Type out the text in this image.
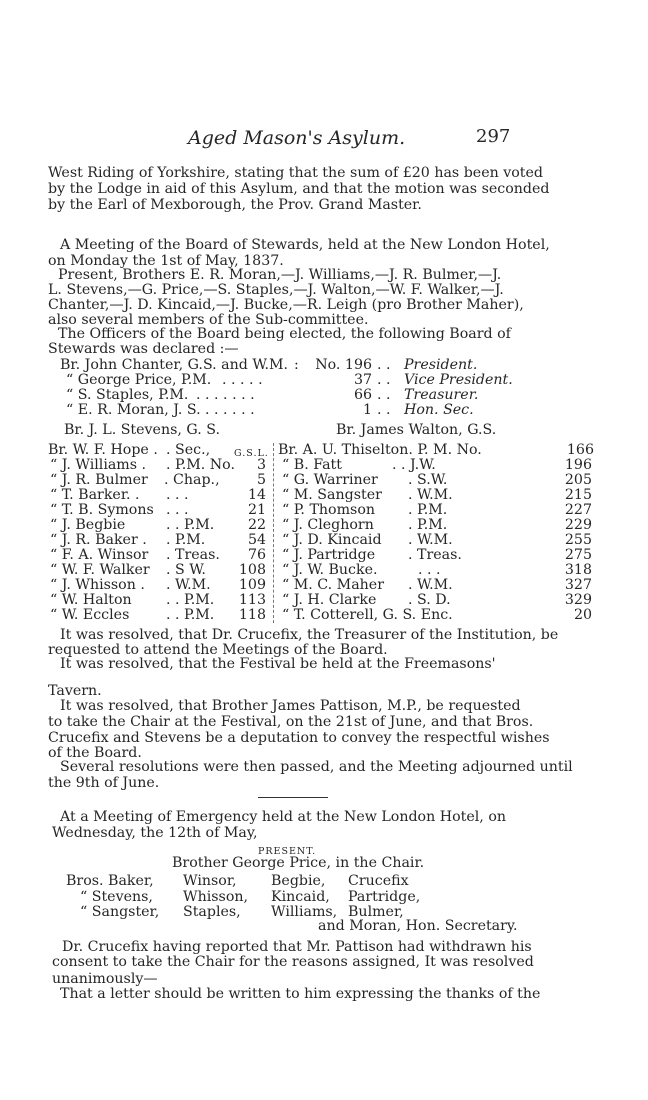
Aged Mason's Asylum.	297
West Riding of Yorkshire, stating that the sum of £20 has been voted
by the Lodge in aid of this Asylum, and that the motion was seconded
by the Earl of Mexborough, the Prov. Grand Master.
A Meeting of the Board of Stewards, held at the New London Hotel,
on Monday the 1st of May, 1837.
Present, Brothers E. R. Moran,—J. Williams,—J. R. Bulmer,—J.
L. Stevens,—G. Price,—S. Staples,—J. Walton,—W. F. Walker,—J.
Chanter,—J. D. Kincaid,—J. Bucke,—R. Leigh (pro Brother Maher),
also several members of the Sub-committee.
The Officers of the Board being elected, the following Board of
Stewards was declared :—
Br. John Chanter, G.S. and W.M. :	No. 196 . . President.
“ George Price, P.M. . . . . .	37 . . Vice President.
“ S. Staples, P.M. . . . . . . .	66 . . Treasurer.
“ E. R. Moran, J. S. . . . . . .	1 . . Hon. Sec.
Br. J. L. Stevens, G. S.	Br. James Walton, G.S.
Br. W. F. Hope . . Sec.,	G.S.L.
“ J. Williams . . P.M. No.	3
“ J. R. Bulmer . Chap.,	5
“ T. Barker. . . . .	14
“ T. B. Symons . . .	21
“ J. Begbie	. . P.M.	22
“ J. R. Baker . . P.M.	54
“ F. A. Winsor . Treas.	76
“ W. F. Walker . S W.	108
“ J. Whisson . . W.M.	109
“ W. Halton . . P.M.	113
“ W. Eccles	. . P.M.	118
Br. A. U. Thiselton. P. M. No.	166
“ B. Fatt	. . J.W.	196
“ G. Warriner . S.W.	205
“ M. Sangster . W.M.	215
“ P. Thomson . P.M.	227
“ J. Cleghorn . P.M.	229
“ J. D. Kincaid . W.M.	255
“ J. Partridge . Treas.	275
“ J. W. Bucke.	. . .	318
“ M. C. Maher . W.M.	327
“ J. H. Clarke . S. D.	329
“ T. Cotterell, G. S. Enc.	20
It was resolved, that Dr. Crucefix, the Treasurer of the Institution, be
requested to attend the Meetings of the Board.
It was resolved, that the Festival be held at the Freemasons'
Tavern.
It was resolved, that Brother James Pattison, M.P., be requested
to take the Chair at the Festival, on the 21st of June, and that Bros.
Crucefix and Stevens be a deputation to convey the respectful wishes
of the Board.
Several resolutions were then passed, and the Meeting adjourned until
the 9th of June.
At a Meeting of Emergency held at the New London Hotel, on
Wednesday, the 12th of May,
PRESENT.
Brother George Price, in the Chair.
Bros. Baker, Winsor, Begbie, Crucefix
“ Stevens, Whisson, Kincaid, Partridge,
“ Sangster, Staples, Williams, Bulmer,
and Moran, Hon. Secretary.
Dr. Crucefix having reported that Mr. Pattison had withdrawn his
consent to take the Chair for the reasons assigned, It was resolved
unanimously—
That a letter should be written to him expressing the thanks of the
